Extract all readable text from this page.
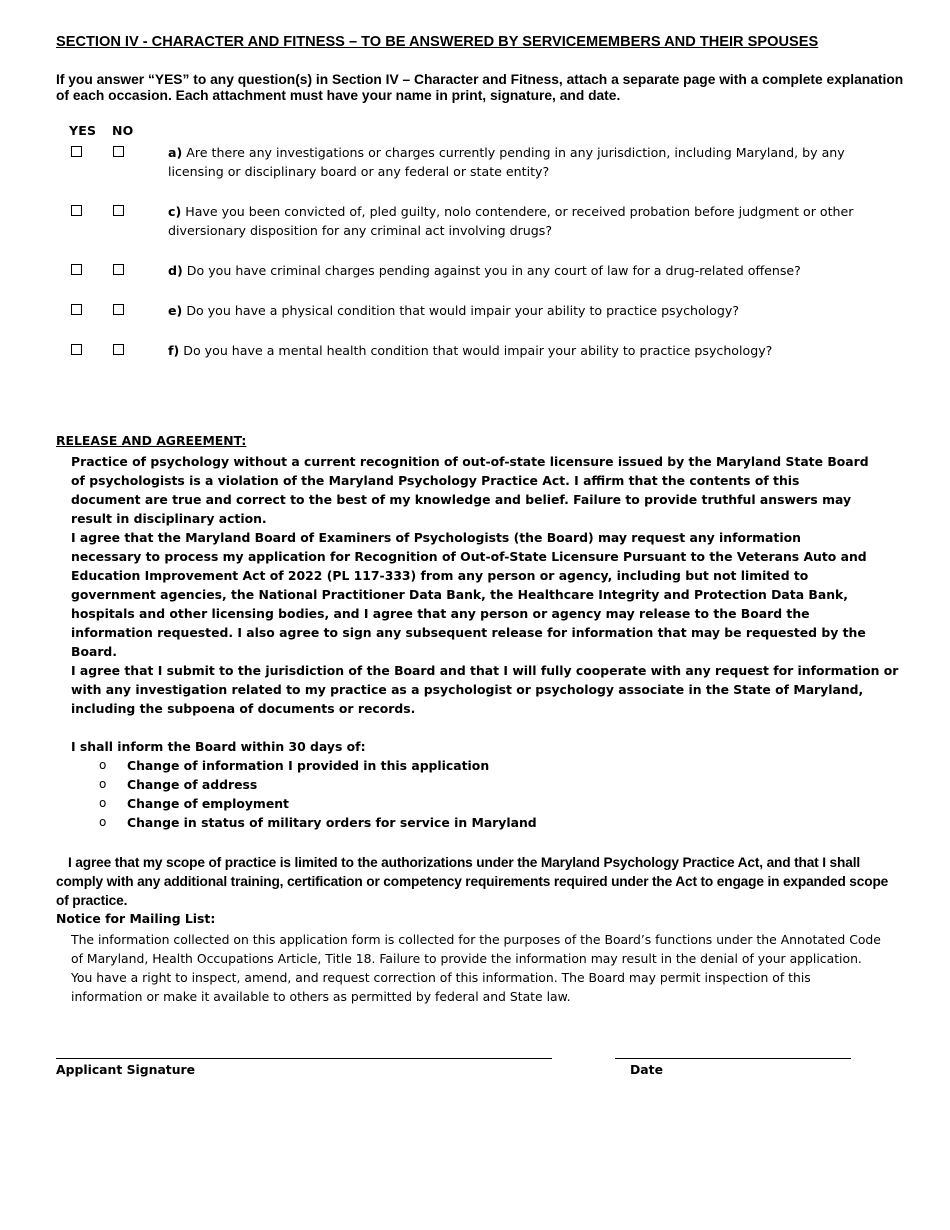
SECTION IV - CHARACTER AND FITNESS – TO BE ANSWERED BY SERVICEMEMBERS AND THEIR SPOUSES
If you answer “YES” to any question(s) in Section IV – Character and Fitness, attach a separate page with a complete explanation of each occasion. Each attachment must have your name in print, signature, and date.
YES NO
a) Are there any investigations or charges currently pending in any jurisdiction, including Maryland, by any licensing or disciplinary board or any federal or state entity?
c) Have you been convicted of, pled guilty, nolo contendere, or received probation before judgment or other diversionary disposition for any criminal act involving drugs?
d) Do you have criminal charges pending against you in any court of law for a drug-related offense?
e) Do you have a physical condition that would impair your ability to practice psychology?
f) Do you have a mental health condition that would impair your ability to practice psychology?
RELEASE AND AGREEMENT:
Practice of psychology without a current recognition of out-of-state licensure issued by the Maryland State Board of psychologists is a violation of the Maryland Psychology Practice Act. I affirm that the contents of this document are true and correct to the best of my knowledge and belief. Failure to provide truthful answers may result in disciplinary action.
I agree that the Maryland Board of Examiners of Psychologists (the Board) may request any information necessary to process my application for Recognition of Out-of-State Licensure Pursuant to the Veterans Auto and Education Improvement Act of 2022 (PL 117-333) from any person or agency, including but not limited to government agencies, the National Practitioner Data Bank, the Healthcare Integrity and Protection Data Bank, hospitals and other licensing bodies, and I agree that any person or agency may release to the Board the information requested. I also agree to sign any subsequent release for information that may be requested by the Board.
I agree that I submit to the jurisdiction of the Board and that I will fully cooperate with any request for information or with any investigation related to my practice as a psychologist or psychology associate in the State of Maryland, including the subpoena of documents or records.
I shall inform the Board within 30 days of:
o Change of information I provided in this application
o Change of address
o Change of employment
o Change in status of military orders for service in Maryland
I agree that my scope of practice is limited to the authorizations under the Maryland Psychology Practice Act, and that I shall comply with any additional training, certification or competency requirements required under the Act to engage in expanded scope of practice.
Notice for Mailing List:
The information collected on this application form is collected for the purposes of the Board’s functions under the Annotated Code of Maryland, Health Occupations Article, Title 18. Failure to provide the information may result in the denial of your application. You have a right to inspect, amend, and request correction of this information. The Board may permit inspection of this information or make it available to others as permitted by federal and State law.
Applicant Signature	Date
